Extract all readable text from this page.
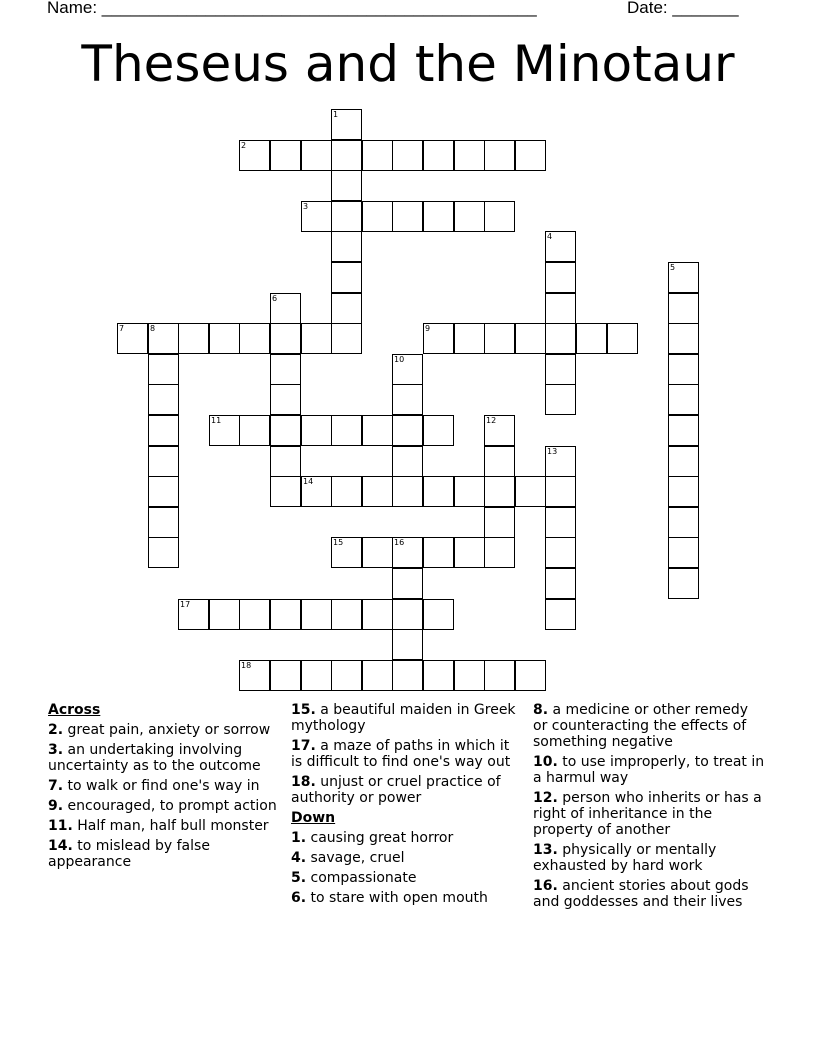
Name: ______________________________________________	Date: _______
Theseus and the Minotaur
1
2
3
4
5
6
7	8	9
10
11	12
13
14
15	16
17
18
Across
2. great pain, anxiety or sorrow
3. an undertaking involving uncertainty as to the outcome
7. to walk or find one's way in
9. encouraged, to prompt action
11. Half man, half bull monster
14. to mislead by false appearance
15. a beautiful maiden in Greek mythology
17. a maze of paths in which it is difficult to find one's way out
18. unjust or cruel practice of authority or power
Down
1. causing great horror
4. savage, cruel
5. compassionate
6. to stare with open mouth
8. a medicine or other remedy or counteracting the effects of something negative
10. to use improperly, to treat in a harmul way
12. person who inherits or has a right of inheritance in the property of another
13. physically or mentally exhausted by hard work
16. ancient stories about gods and goddesses and their lives
